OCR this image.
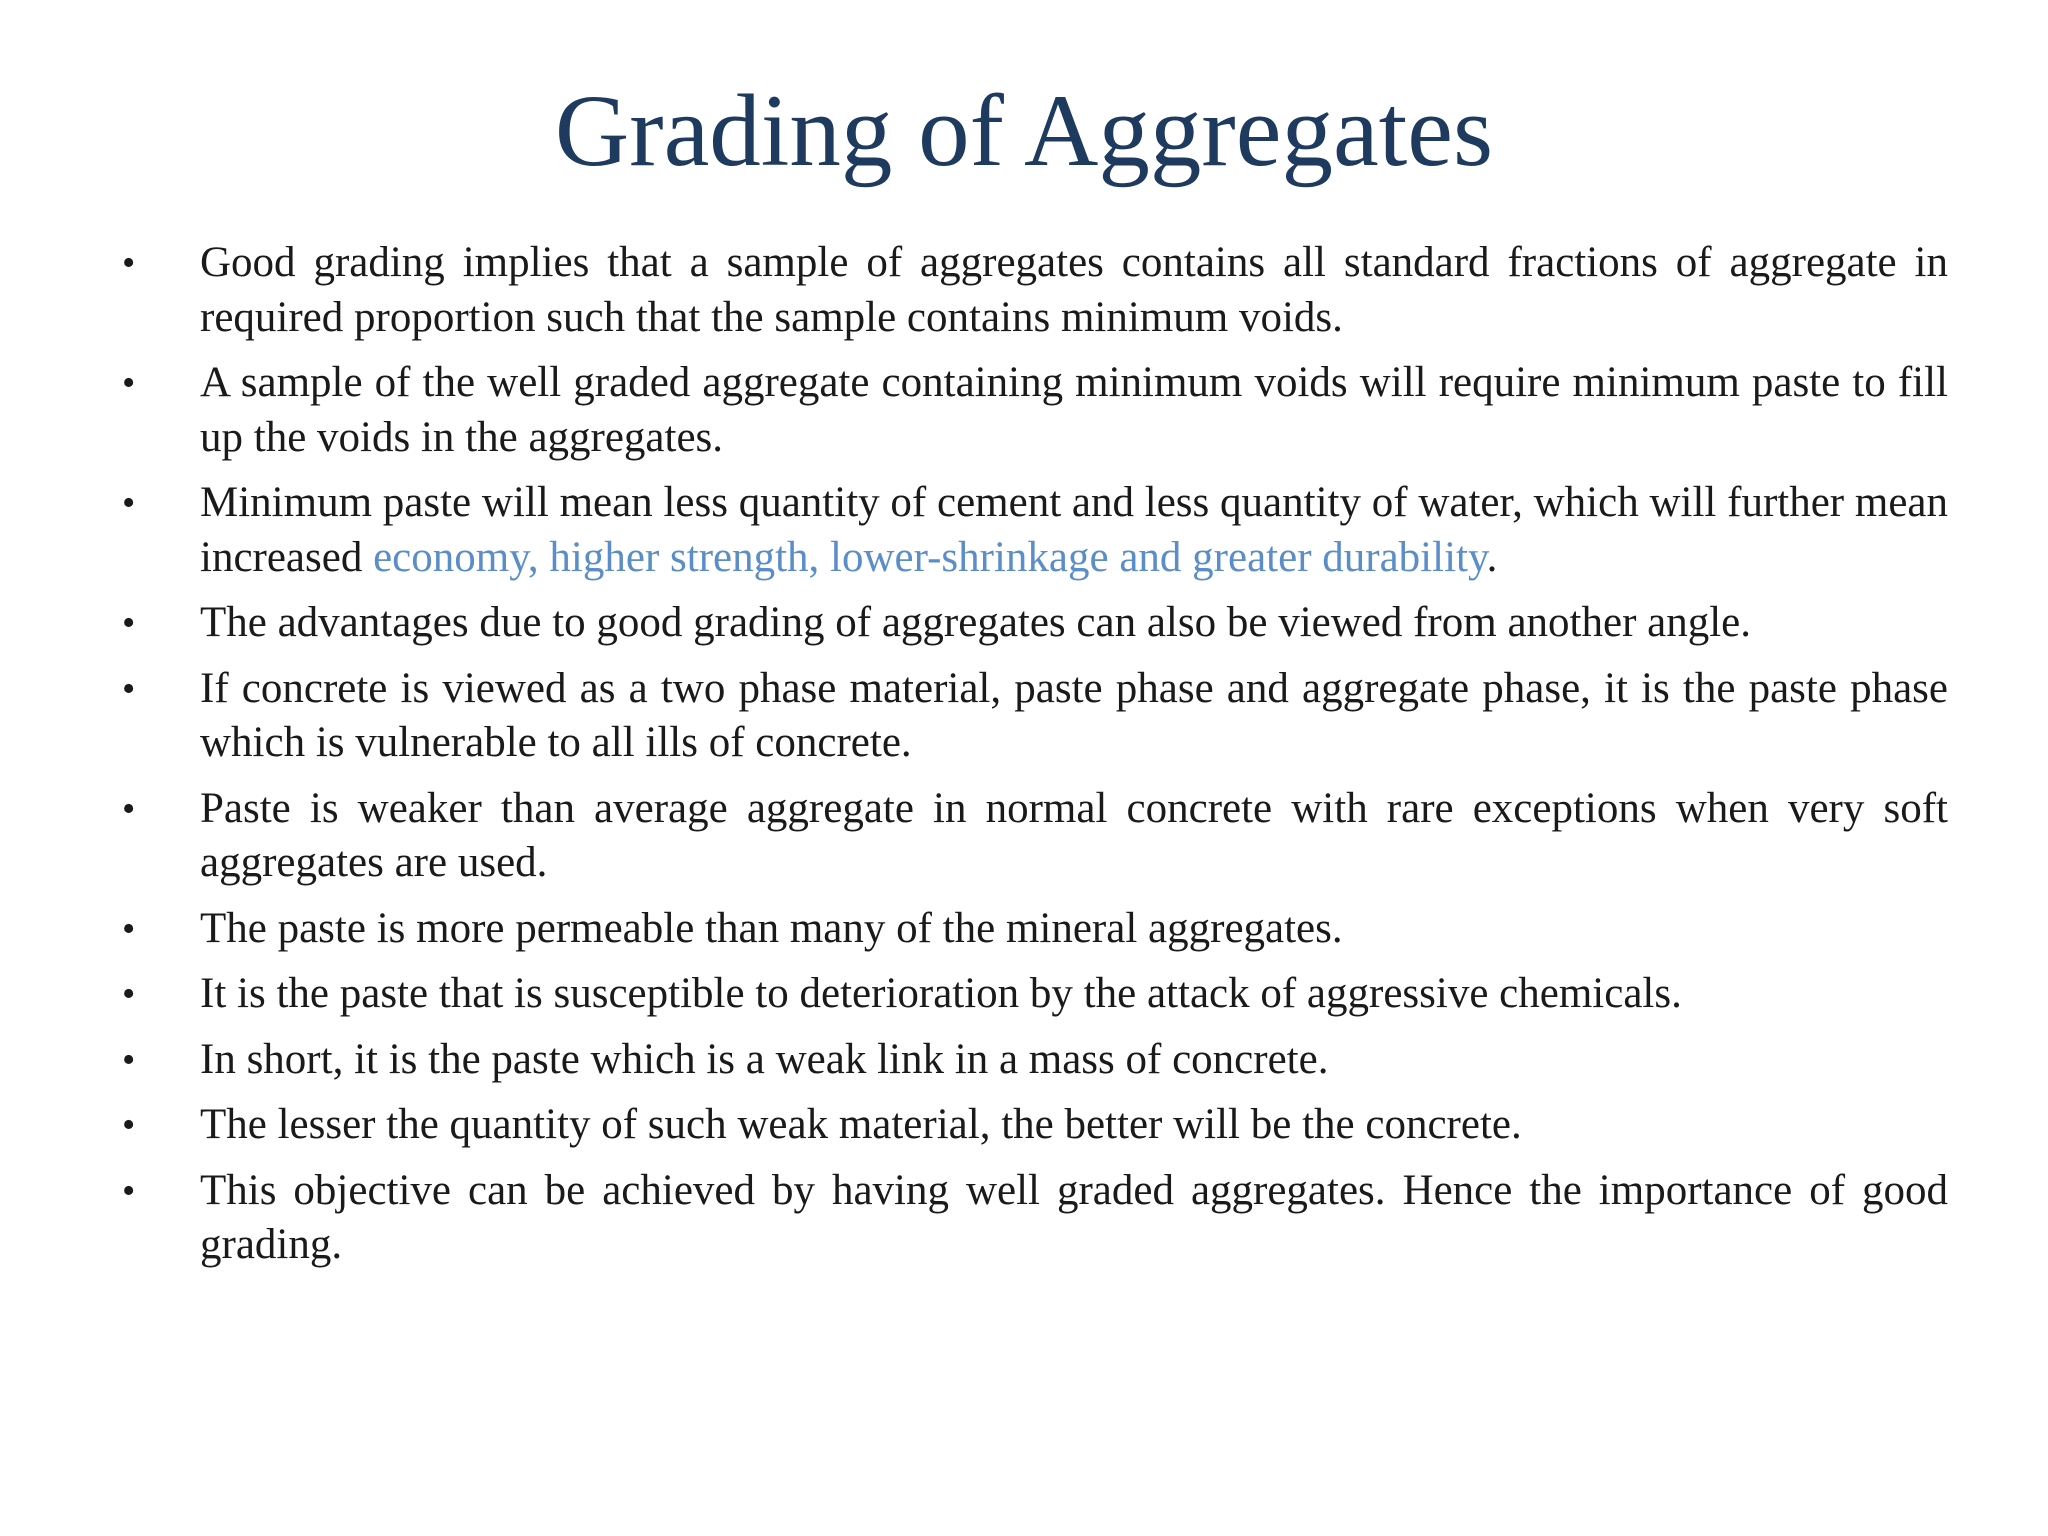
Grading of Aggregates
• Good grading implies that a sample of aggregates contains all standard fractions of aggregate in required proportion such that the sample contains minimum voids.
• A sample of the well graded aggregate containing minimum voids will require minimum paste to fill up the voids in the aggregates.
• Minimum paste will mean less quantity of cement and less quantity of water, which will further mean increased economy, higher strength, lower-shrinkage and greater durability.
• The advantages due to good grading of aggregates can also be viewed from another angle.
• If concrete is viewed as a two phase material, paste phase and aggregate phase, it is the paste phase which is vulnerable to all ills of concrete.
• Paste is weaker than average aggregate in normal concrete with rare exceptions when very soft aggregates are used.
• The paste is more permeable than many of the mineral aggregates.
• It is the paste that is susceptible to deterioration by the attack of aggressive chemicals.
• In short, it is the paste which is a weak link in a mass of concrete.
• The lesser the quantity of such weak material, the better will be the concrete.
• This objective can be achieved by having well graded aggregates. Hence the importance of good grading.
